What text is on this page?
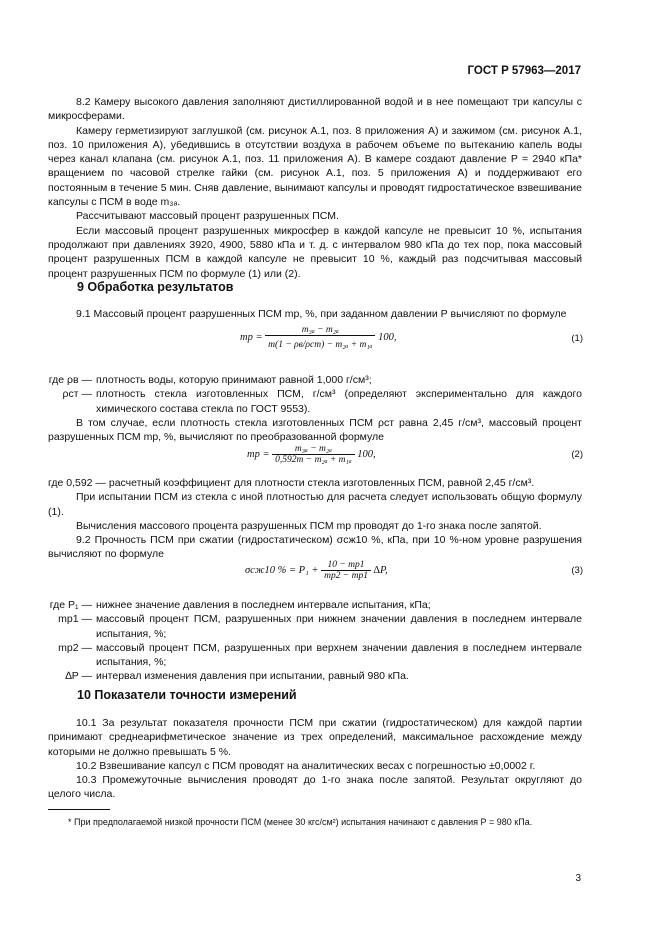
ГОСТ Р 57963—2017

8.2 Камеру высокого давления заполняют дистиллированной водой и в нее помещают три капсулы с микросферами.

Камеру герметизируют заглушкой (см. рисунок А.1, поз. 8 приложения А) и зажимом (см. рисунок А.1, поз. 10 приложения А), убедившись в отсутствии воздуха в рабочем объеме по вытеканию капель воды через канал клапана (см. рисунок А.1, поз. 11 приложения А). В камере создают давление Р = 2940 кПа* вращением по часовой стрелке гайки (см. рисунок А.1, поз. 5 приложения А) и поддерживают его постоянным в течение 5 мин. Сняв давление, вынимают капсулы и проводят гидростатическое взвешивание капсулы с ПСМ в воде m₃ₐ.

Рассчитывают массовый процент разрушенных ПСМ.

Если массовый процент разрушенных микросфер в каждой капсуле не превысит 10 %, испытания продолжают при давлениях 3920, 4900, 5880 кПа и т. д. с интервалом 980 кПа до тех пор, пока массовый процент разрушенных ПСМ в каждой капсуле не превысит 10 %, каждый раз подсчитывая массовый процент разрушенных ПСМ по формуле (1) или (2).

9 Обработка результатов

9.1 Массовый процент разрушенных ПСМ mр, %, при заданном давлении Р вычисляют по формуле

mр = $\frac{\text{m₃ₐ − m₂ₐ}}{\text{m(1 − ρв/ρст) − m₂ₐ + m₁ₐ}} 100$,	(1)
где ρв — плотность воды, которую принимают равной 1,000 г/см³;
ρст — плотность стекла изготовленных ПСМ, г/см³ (определяют экспериментально для каждого химического состава стекла по ГОСТ 9553).

В том случае, если плотность стекла изготовленных ПСМ ρст равна 2,45 г/см³, массовый процент разрушенных ПСМ mр, %, вычисляют по преобразованной формуле

mр = $\frac{\text{m₃ₐ − m₂ₐ}}{\text{0,592m − m₂ₐ + m₁ₐ}} 100$,	(2)

где 0,592 — расчетный коэффициент для плотности стекла изготовленных ПСМ, равной 2,45 г/см³.

При испытании ПСМ из стекла с иной плотностью для расчета следует использовать общую формулу (1).

Вычисления массового процента разрушенных ПСМ mр проводят до 1-го знака после запятой.

9.2 Прочность ПСМ при сжатии (гидростатическом) σсж10 %, кПа, при 10 %-ном уровне разрушения вычисляют по формуле

σсж10 % = $P_1 + \frac{10 - mр1}{mр2 - mр1} \Delta P$,	(3)
где P₁ — нижнее значение давления в последнем интервале испытания, кПа;
mр1 — массовый процент ПСМ, разрушенных при нижнем значении давления в последнем интервале испытания, %;
mр2 — массовый процент ПСМ, разрушенных при верхнем значении давления в последнем интервале испытания, %;
∆P — интервал изменения давления при испытании, равный 980 кПа.
10 Показатели точности измерений

10.1 За результат показателя прочности ПСМ при сжатии (гидростатическом) для каждой партии принимают среднеарифметическое значение из трех определений, максимальное расхождение между которыми не должно превышать 5 %.

10.2 Взвешивание капсул с ПСМ проводят на аналитических весах с погрешностью ±0,0002 г.

10.3 Промежуточные вычисления проводят до 1-го знака после запятой. Результат округляют до целого числа.

* При предполагаемой низкой прочности ПСМ (менее 30 кгс/см²) испытания начинают с давления Р = 980 кПа.
3
